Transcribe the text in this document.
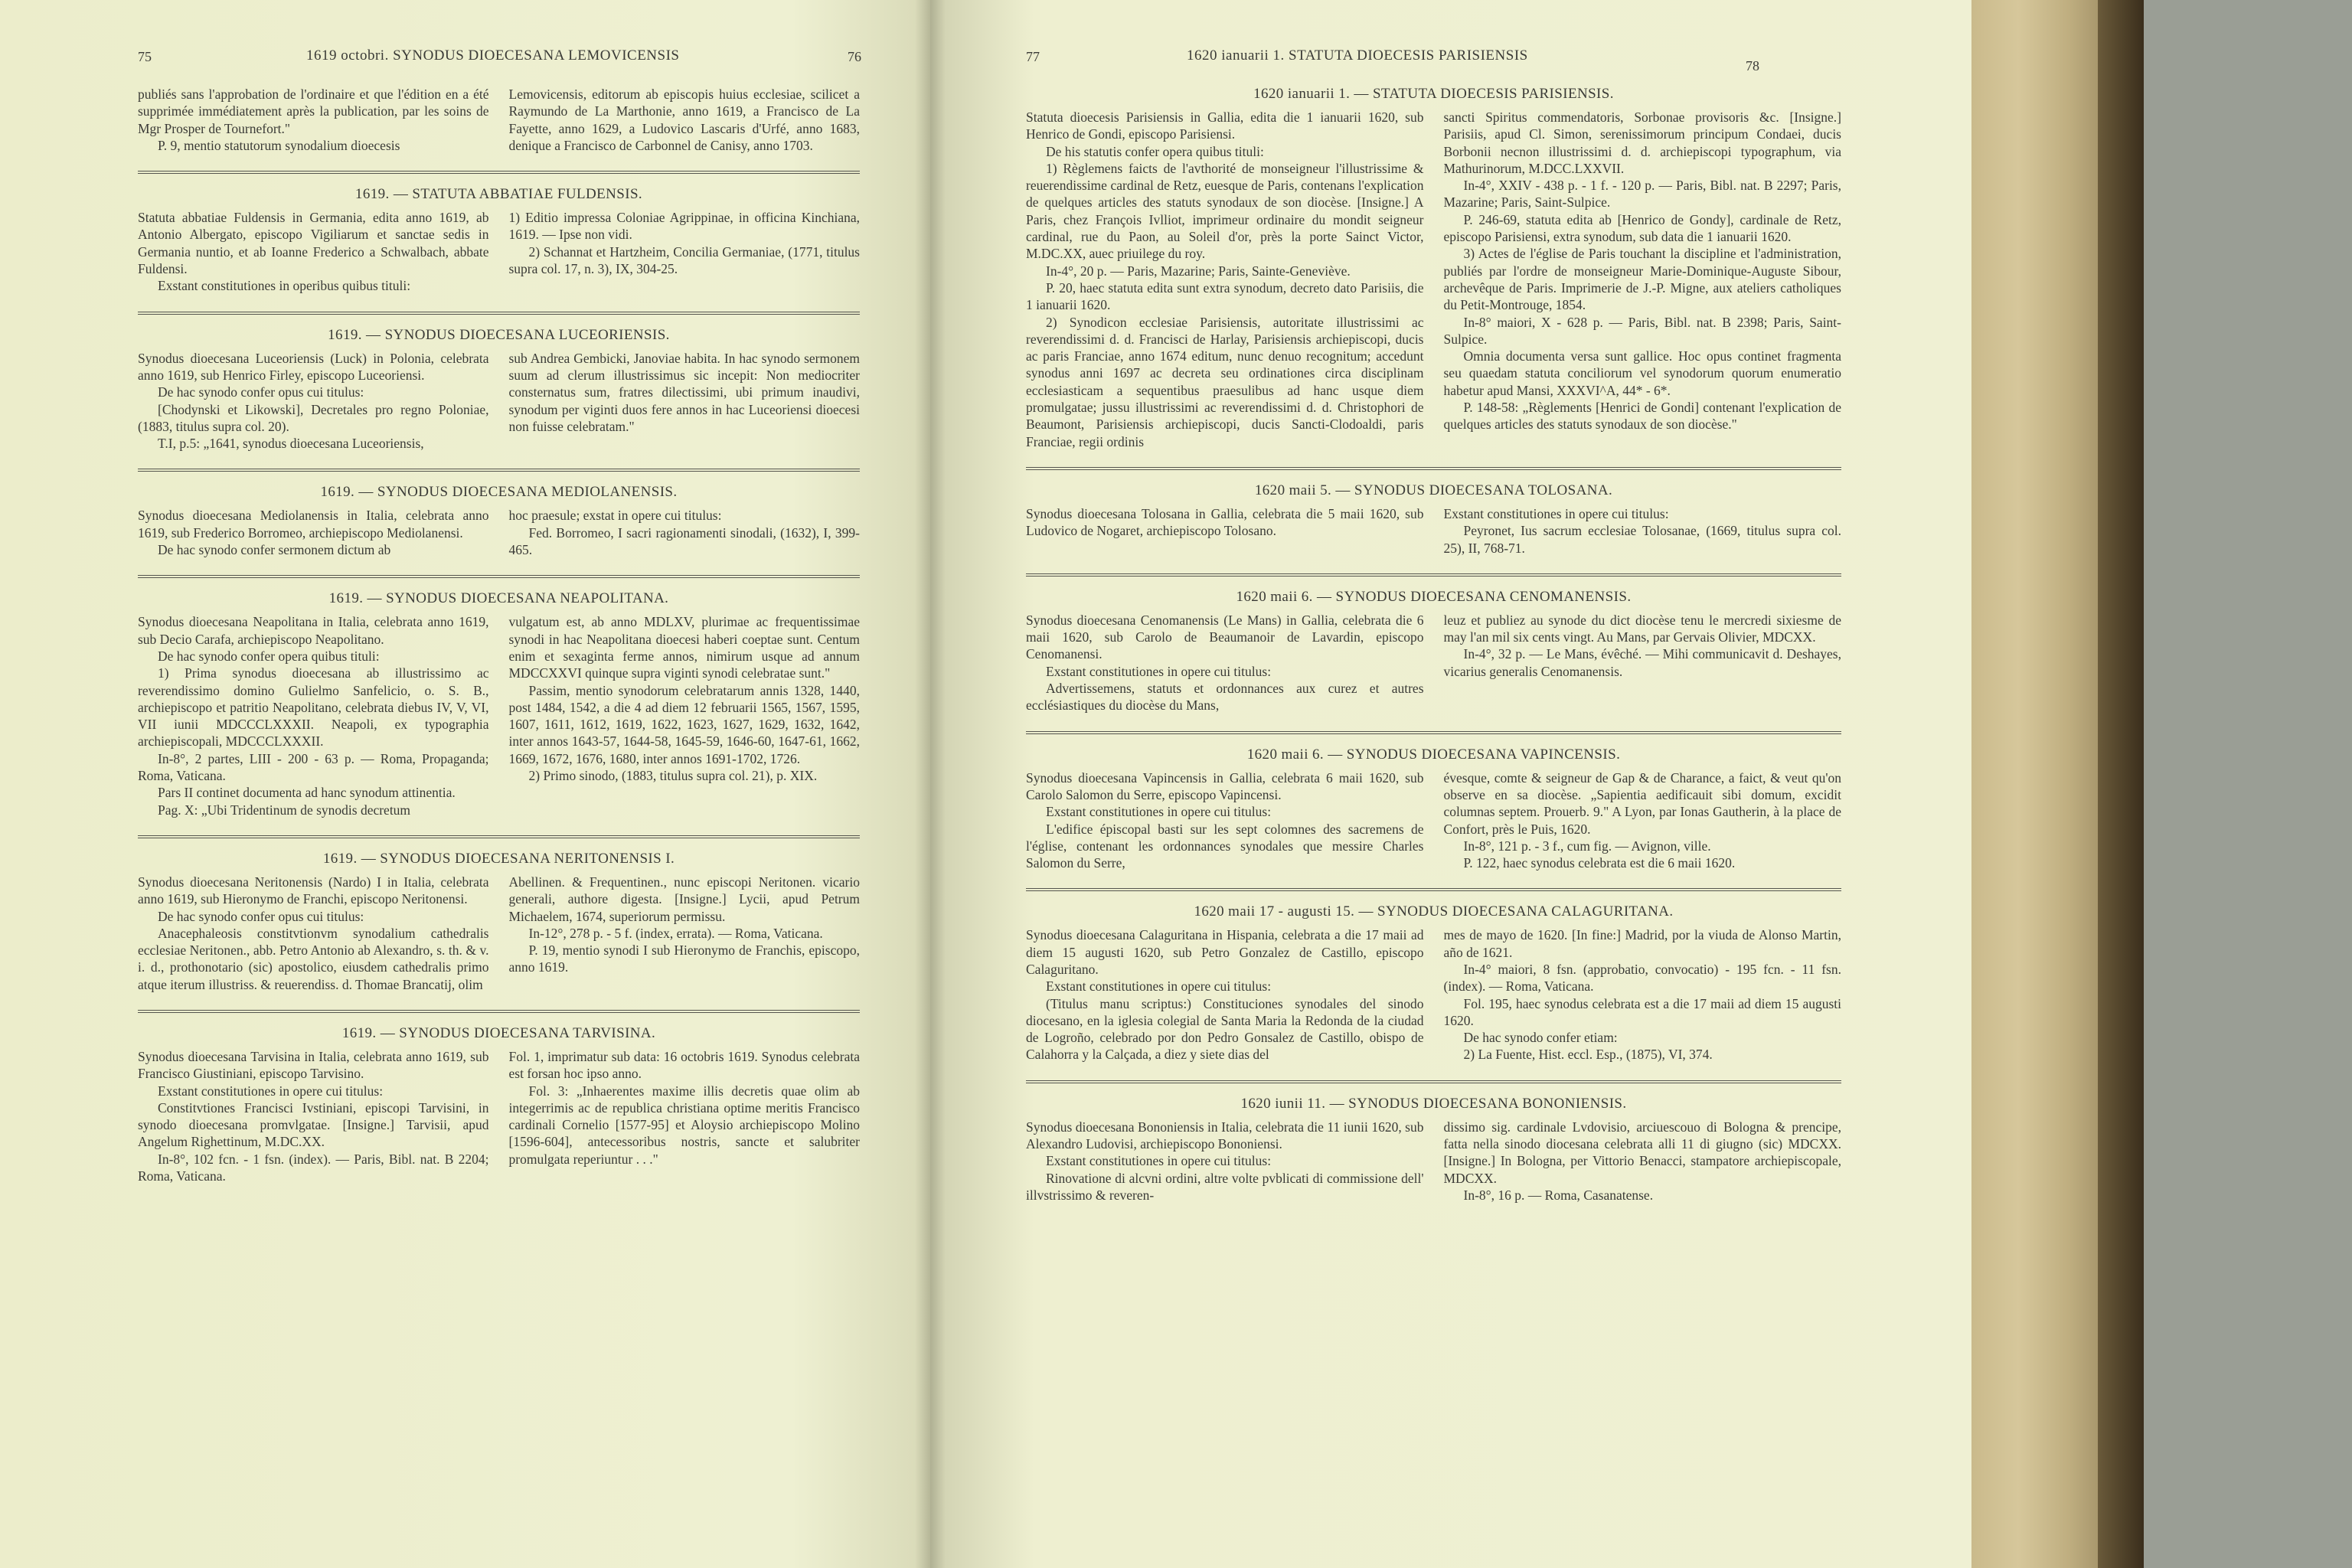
75	1619 octobri. SYNODUS DIOECESANA LEMOVICENSIS	76

publiés sans l'approbation de l'ordinaire et que l'édition en a été supprimée immédiatement après la publication, par les soins de Mgr Prosper de Tournefort."

P. 9, mentio statutorum synodalium dioecesis

Lemovicensis, editorum ab episcopis huius ecclesiae, scilicet a Raymundo de La Marthonie, anno 1619, a Francisco de La Fayette, anno 1629, a Ludovico Lascaris d'Urfé, anno 1683, denique a Francisco de Carbonnel de Canisy, anno 1703.

1619. — STATUTA ABBATIAE FULDENSIS.

Statuta abbatiae Fuldensis in Germania, edita anno 1619, ab Antonio Albergato, episcopo Vigiliarum et sanctae sedis in Germania nuntio, et ab Ioanne Frederico a Schwalbach, abbate Fuldensi.

Exstant constitutiones in operibus quibus tituli:

1) Editio impressa Coloniae Agrippinae, in officina Kinchiana, 1619. — Ipse non vidi.

2) Schannat et Hartzheim, Concilia Germaniae, (1771, titulus supra col. 17, n. 3), IX, 304-25.

1619. — SYNODUS DIOECESANA LUCEORIENSIS.

Synodus dioecesana Luceoriensis (Luck) in Polonia, celebrata anno 1619, sub Henrico Firley, episcopo Luceoriensi.

De hac synodo confer opus cui titulus:

[Chodynski et Likowski], Decretales pro regno Poloniae, (1883, titulus supra col. 20).

T.I, p.5: „1641, synodus dioecesana Luceoriensis,

sub Andrea Gembicki, Janoviae habita. In hac synodo sermonem suum ad clerum illustrissimus sic incepit: Non mediocriter consternatus sum, fratres dilectissimi, ubi primum inaudivi, synodum per viginti duos fere annos in hac Luceoriensi dioecesi non fuisse celebratam."

1619. — SYNODUS DIOECESANA MEDIOLANENSIS.

Synodus dioecesana Mediolanensis in Italia, celebrata anno 1619, sub Frederico Borromeo, archiepiscopo Mediolanensi.

De hac synodo confer sermonem dictum ab

hoc praesule; exstat in opere cui titulus:

Fed. Borromeo, I sacri ragionamenti sinodali, (1632), I, 399-465.

1619. — SYNODUS DIOECESANA NEAPOLITANA.

Synodus dioecesana Neapolitana in Italia, celebrata anno 1619, sub Decio Carafa, archiepiscopo Neapolitano.

De hac synodo confer opera quibus tituli:

1) Prima synodus dioecesana ab illustrissimo ac reverendissimo domino Gulielmo Sanfelicio, o. S. B., archiepiscopo et patritio Neapolitano, celebrata diebus IV, V, VI, VII iunii MDCCCLXXXII. Neapoli, ex typographia archiepiscopali, MDCCCLXXXII.

In-8°, 2 partes, LIII - 200 - 63 p. — Roma, Propaganda; Roma, Vaticana.

Pars II continet documenta ad hanc synodum attinentia.

Pag. X: „Ubi Tridentinum de synodis decretum

vulgatum est, ab anno MDLXV, plurimae ac frequentissimae synodi in hac Neapolitana dioecesi haberi coeptae sunt. Centum enim et sexaginta ferme annos, nimirum usque ad annum MDCCXXVI quinque supra viginti synodi celebratae sunt."

Passim, mentio synodorum celebratarum annis 1328, 1440, post 1484, 1542, a die 4 ad diem 12 februarii 1565, 1567, 1595, 1607, 1611, 1612, 1619, 1622, 1623, 1627, 1629, 1632, 1642, inter annos 1643-57, 1644-58, 1645-59, 1646-60, 1647-61, 1662, 1669, 1672, 1676, 1680, inter annos 1691-1702, 1726.

2) Primo sinodo, (1883, titulus supra col. 21), p. XIX.

1619. — SYNODUS DIOECESANA NERITONENSIS I.

Synodus dioecesana Neritonensis (Nardo) I in Italia, celebrata anno 1619, sub Hieronymo de Franchi, episcopo Neritonensi.

De hac synodo confer opus cui titulus:

Anacephaleosis constitvtionvm synodalium cathedralis ecclesiae Neritonen., abb. Petro Antonio ab Alexandro, s. th. & v. i. d., prothonotario (sic) apostolico, eiusdem cathedralis primo atque iterum illustriss. & reuerendiss. d. Thomae Brancatij, olim

Abellinen. & Frequentinen., nunc episcopi Neritonen. vicario generali, authore digesta. [Insigne.] Lycii, apud Petrum Michaelem, 1674, superiorum permissu.

In-12°, 278 p. - 5 f. (index, errata). — Roma, Vaticana.

P. 19, mentio synodi I sub Hieronymo de Franchis, episcopo, anno 1619.

1619. — SYNODUS DIOECESANA TARVISINA.

Synodus dioecesana Tarvisina in Italia, celebrata anno 1619, sub Francisco Giustiniani, episcopo Tarvisino.

Exstant constitutiones in opere cui titulus:

Constitvtiones Francisci Ivstiniani, episcopi Tarvisini, in synodo dioecesana promvlgatae. [Insigne.] Tarvisii, apud Angelum Righettinum, M.DC.XX.

In-8°, 102 fcn. - 1 fsn. (index). — Paris, Bibl. nat. B 2204; Roma, Vaticana.

Fol. 1, imprimatur sub data: 16 octobris 1619. Synodus celebrata est forsan hoc ipso anno.

Fol. 3: „Inhaerentes maxime illis decretis quae olim ab integerrimis ac de republica christiana optime meritis Francisco cardinali Cornelio [1577-95] et Aloysio archiepiscopo Molino [1596-604], antecessoribus nostris, sancte et salubriter promulgata reperiuntur . . ."

77	1620 ianuarii 1. STATUTA DIOECESIS PARISIENSIS
78
1620 ianuarii 1. — STATUTA DIOECESIS PARISIENSIS.

Statuta dioecesis Parisiensis in Gallia, edita die 1 ianuarii 1620, sub Henrico de Gondi, episcopo Parisiensi.

De his statutis confer opera quibus tituli:

1) Règlemens faicts de l'avthorité de monseigneur l'illustrissime & reuerendissime cardinal de Retz, euesque de Paris, contenans l'explication de quelques articles des statuts synodaux de son diocèse. [Insigne.] A Paris, chez François Ivlliot, imprimeur ordinaire du mondit seigneur cardinal, rue du Paon, au Soleil d'or, près la porte Sainct Victor, M.DC.XX, auec priuilege du roy.

In-4°, 20 p. — Paris, Mazarine; Paris, Sainte-Geneviève.

P. 20, haec statuta edita sunt extra synodum, decreto dato Parisiis, die 1 ianuarii 1620.

2) Synodicon ecclesiae Parisiensis, autoritate illustrissimi ac reverendissimi d. d. Francisci de Harlay, Parisiensis archiepiscopi, ducis ac paris Franciae, anno 1674 editum, nunc denuo recognitum; accedunt synodus anni 1697 ac decreta seu ordinationes circa disciplinam ecclesiasticam a sequentibus praesulibus ad hanc usque diem promulgatae; jussu illustrissimi ac reverendissimi d. d. Christophori de Beaumont, Parisiensis archiepiscopi, ducis Sancti-Clodoaldi, paris Franciae, regii ordinis

sancti Spiritus commendatoris, Sorbonae provisoris &c. [Insigne.] Parisiis, apud Cl. Simon, serenissimorum principum Condaei, ducis Borbonii necnon illustrissimi d. d. archiepiscopi typographum, via Mathurinorum, M.DCC.LXXVII.

In-4°, XXIV - 438 p. - 1 f. - 120 p. — Paris, Bibl. nat. B 2297; Paris, Mazarine; Paris, Saint-Sulpice.

P. 246-69, statuta edita ab [Henrico de Gondy], cardinale de Retz, episcopo Parisiensi, extra synodum, sub data die 1 ianuarii 1620.

3) Actes de l'église de Paris touchant la discipline et l'administration, publiés par l'ordre de monseigneur Marie-Dominique-Auguste Sibour, archevêque de Paris. Imprimerie de J.-P. Migne, aux ateliers catholiques du Petit-Montrouge, 1854.

In-8° maiori, X - 628 p. — Paris, Bibl. nat. B 2398; Paris, Saint-Sulpice.

Omnia documenta versa sunt gallice. Hoc opus continet fragmenta seu quaedam statuta conciliorum vel synodorum quorum enumeratio habetur apud Mansi, XXXVI^A, 44* - 6*.

P. 148-58: „Règlements [Henrici de Gondi] contenant l'explication de quelques articles des statuts synodaux de son diocèse."

1620 maii 5. — SYNODUS DIOECESANA TOLOSANA.

Synodus dioecesana Tolosana in Gallia, celebrata die 5 maii 1620, sub Ludovico de Nogaret, archiepiscopo Tolosano.

Exstant constitutiones in opere cui titulus:

Peyronet, Ius sacrum ecclesiae Tolosanae, (1669, titulus supra col. 25), II, 768-71.

1620 maii 6. — SYNODUS DIOECESANA CENOMANENSIS.

Synodus dioecesana Cenomanensis (Le Mans) in Gallia, celebrata die 6 maii 1620, sub Carolo de Beaumanoir de Lavardin, episcopo Cenomanensi.

Exstant constitutiones in opere cui titulus:

Advertissemens, statuts et ordonnances aux curez et autres ecclésiastiques du diocèse du Mans,

leuz et publiez au synode du dict diocèse tenu le mercredi sixiesme de may l'an mil six cents vingt. Au Mans, par Gervais Olivier, MDCXX.

In-4°, 32 p. — Le Mans, évêché. — Mihi communicavit d. Deshayes, vicarius generalis Cenomanensis.

1620 maii 6. — SYNODUS DIOECESANA VAPINCENSIS.

Synodus dioecesana Vapincensis in Gallia, celebrata 6 maii 1620, sub Carolo Salomon du Serre, episcopo Vapincensi.

Exstant constitutiones in opere cui titulus:

L'edifice épiscopal basti sur les sept colomnes des sacremens de l'église, contenant les ordonnances synodales que messire Charles Salomon du Serre,

évesque, comte & seigneur de Gap & de Charance, a faict, & veut qu'on observe en sa diocèse. „Sapientia aedificauit sibi domum, excidit columnas septem. Prouerb. 9." A Lyon, par Ionas Gautherin, à la place de Confort, près le Puis, 1620.

In-8°, 121 p. - 3 f., cum fig. — Avignon, ville.

P. 122, haec synodus celebrata est die 6 maii 1620.

1620 maii 17 - augusti 15. — SYNODUS DIOECESANA CALAGURITANA.

Synodus dioecesana Calaguritana in Hispania, celebrata a die 17 maii ad diem 15 augusti 1620, sub Petro Gonzalez de Castillo, episcopo Calaguritano.

Exstant constitutiones in opere cui titulus:

(Titulus manu scriptus:) Constituciones synodales del sinodo diocesano, en la iglesia colegial de Santa Maria la Redonda de la ciudad de Logroño, celebrado por don Pedro Gonsalez de Castillo, obispo de Calahorra y la Calçada, a diez y siete dias del

mes de mayo de 1620. [In fine:] Madrid, por la viuda de Alonso Martin, año de 1621.

In-4° maiori, 8 fsn. (approbatio, convocatio) - 195 fcn. - 11 fsn. (index). — Roma, Vaticana.

Fol. 195, haec synodus celebrata est a die 17 maii ad diem 15 augusti 1620.

De hac synodo confer etiam:

2) La Fuente, Hist. eccl. Esp., (1875), VI, 374.

1620 iunii 11. — SYNODUS DIOECESANA BONONIENSIS.

Synodus dioecesana Bononiensis in Italia, celebrata die 11 iunii 1620, sub Alexandro Ludovisi, archiepiscopo Bononiensi.

Exstant constitutiones in opere cui titulus:

Rinovatione di alcvni ordini, altre volte pvblicati di commissione dell' illvstrissimo & reveren-

dissimo sig. cardinale Lvdovisio, arciuescouo di Bologna & prencipe, fatta nella sinodo diocesana celebrata alli 11 di giugno (sic) MDCXX. [Insigne.] In Bologna, per Vittorio Benacci, stampatore archiepiscopale, MDCXX.

In-8°, 16 p. — Roma, Casanatense.
